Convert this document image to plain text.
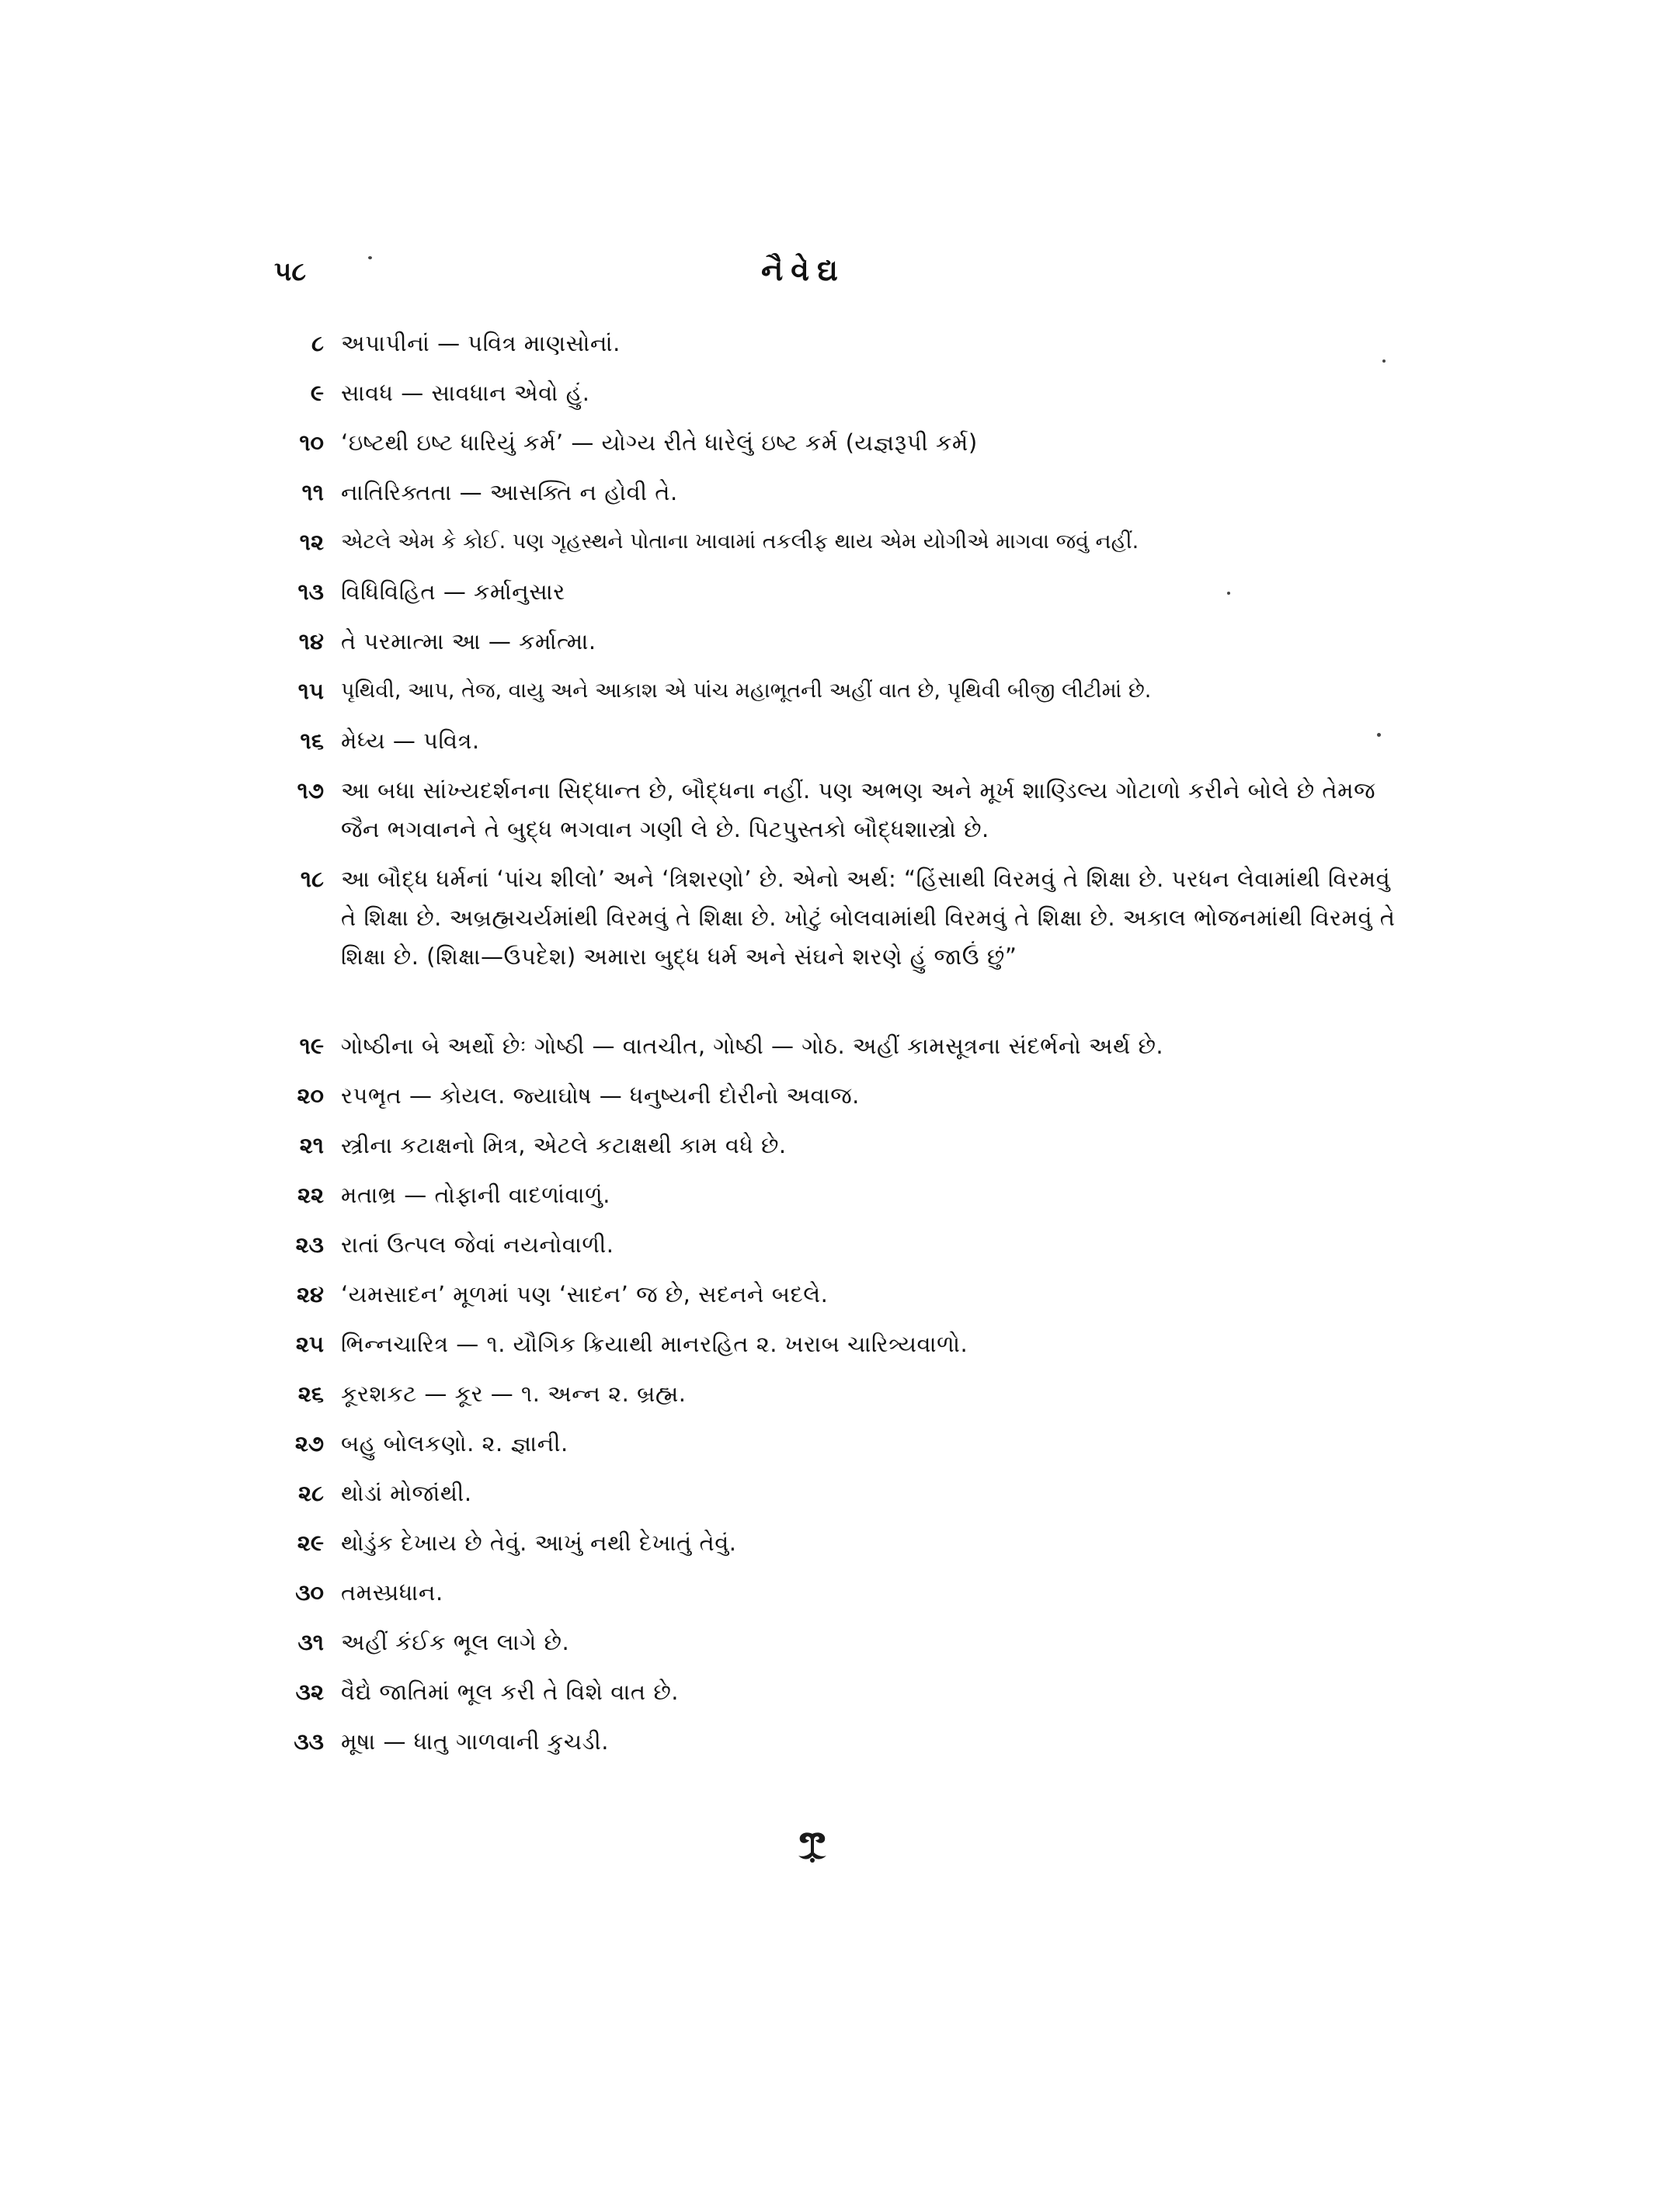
૫૮	નૈવેદ્ય
૮ અપાપીનાં — પવિત્ર માણસોનાં.
૯ સાવધ — સાવધાન એવો હું.
૧૦ ‘ઇષ્ટથી ઇષ્ટ ધારિયું કર્મ’ — યોગ્ય રીતે ધારેલું ઇષ્ટ કર્મ (યજ્ઞરૂપી કર્મ)
૧૧ નાતિરિક્તતા — આસક્તિ ન હોવી તે.
૧૨ એટલે એમ કે કોઈ. પણ ગૃહસ્થને પોતાના ખાવામાં તકલીફ થાય એમ યોગીએ માગવા જવું નહીં.
૧૩ વિધિવિહિત — કર્માનુસાર
૧૪ તે પરમાત્મા આ — કર્માત્મા.
૧૫ પૃથિવી, આપ, તેજ, વાયુ અને આકાશ એ પાંચ મહાભૂતની અહીં વાત છે, પૃથિવી બીજી લીટીમાં છે.
૧૬ મેધ્ય — પવિત્ર.
૧૭ આ બધા સાંખ્યદર્શનના સિદ્ધાન્ત છે, બૌદ્ધના નહીં. પણ અભણ અને મૂર્ખ શાણ્ડિલ્ય ગોટાળો કરીને બોલે છે તેમજ જૈન ભગવાનને તે બુદ્ધ ભગવાન ગણી લે છે. પિટપુસ્તકો બૌદ્ધશાસ્ત્રો છે.
૧૮ આ બૌદ્ધ ધર્મનાં ‘પાંચ શીલો’ અને ‘ત્રિશરણો’ છે. એનો અર્થ: “હિંસાથી વિરમવું તે શિક્ષા છે. પરધન લેવામાંથી વિરમવું તે શિક્ષા છે. અબ્રહ્મચર્યમાંથી વિરમવું તે શિક્ષા છે. ખોટું બોલવામાંથી વિરમવું તે શિક્ષા છે. અકાલ ભોજનમાંથી વિરમવું તે શિક્ષા છે. (શિક્ષા—ઉપદેશ) અમારા બુદ્ધ ધર્મ અને સંઘને શરણે હું જાઉં છું”
૧૯ ગોષ્ઠીના બે અર્થો છેઃ ગોષ્ઠી — વાતચીત, ગોષ્ઠી — ગોઠ. અહીં કામસૂત્રના સંદર્ભનો અર્થ છે.
૨૦ રપભૃત — કોયલ. જ્યાઘોષ — ધનુષ્યની દોરીનો અવાજ.
૨૧ સ્ત્રીના કટાક્ષનો મિત્ર, એટલે કટાક્ષથી કામ વધે છે.
૨૨ મતાભ્ર — તોફાની વાદળાંવાળું.
૨૩ રાતાં ઉત્પલ જેવાં નયનોવાળી.
૨૪ ‘યમસાદન’ મૂળમાં પણ ‘સાદન’ જ છે, સદનને બદલે.
૨૫ ભિન્નચારિત્ર — ૧. યૌગિક ક્રિયાથી માનરહિત ૨. ખરાબ ચારિત્ર્યવાળો.
૨૬ કૂરશકટ — કૂર — ૧. અન્ન ૨. બ્રહ્મ.
૨૭ બહુ બોલકણો. ૨. જ્ઞાની.
૨૮ થોડાં મોજાંથી.
૨૯ થોડુંક દેખાય છે તેવું. આખું નથી દેખાતું તેવું.
૩૦ તમસ્પ્રધાન.
૩૧ અહીં કંઈક ભૂલ લાગે છે.
૩૨ વૈદ્યે જાતિમાં ભૂલ કરી તે વિશે વાત છે.
૩૩ મૂષા — ધાતુ ગાળવાની કુચડી.
